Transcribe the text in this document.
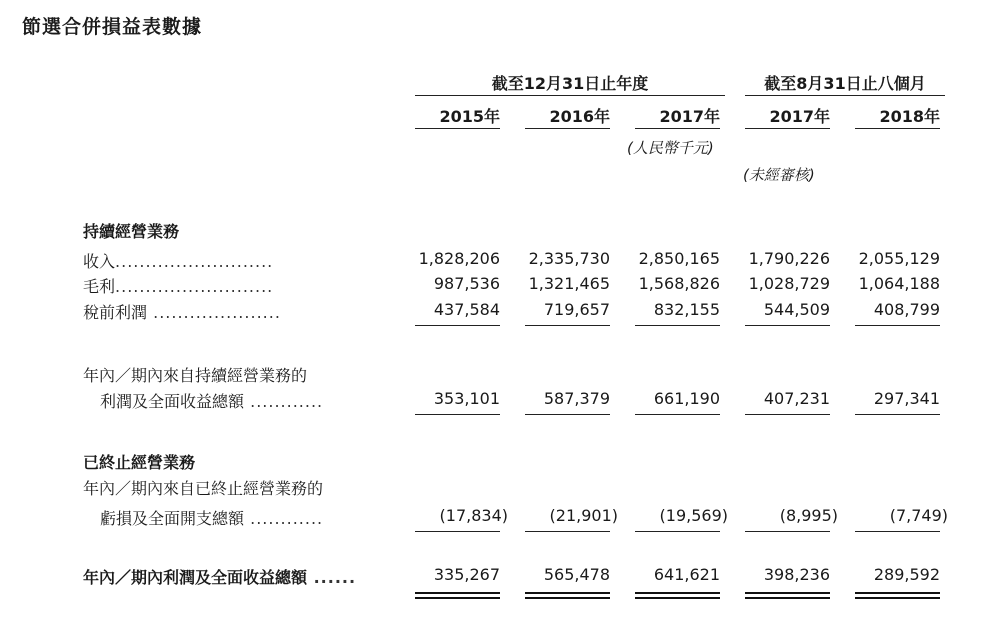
節選合併損益表數據
截至12月31日止年度	截至8月31日止八個月
2015年	2016年	2017年	2017年	2018年
(人民幣千元)
(未經審核)
持續經營業務
收入..........................	1,828,206	2,335,730	2,850,165	1,790,226	2,055,129
毛利..........................	987,536	1,321,465	1,568,826	1,028,729	1,064,188
稅前利潤 .....................	437,584	719,657	832,155	544,509	408,799
年內／期內來自持續經營業務的
利潤及全面收益總額 ............	353,101	587,379	661,190	407,231	297,341
已終止經營業務
年內／期內來自已終止經營業務的
虧損及全面開支總額 ............	(17,834)	(21,901)	(19,569)	(8,995)	(7,749)
年內／期內利潤及全面收益總額 ......	335,267	565,478	641,621	398,236	289,592
